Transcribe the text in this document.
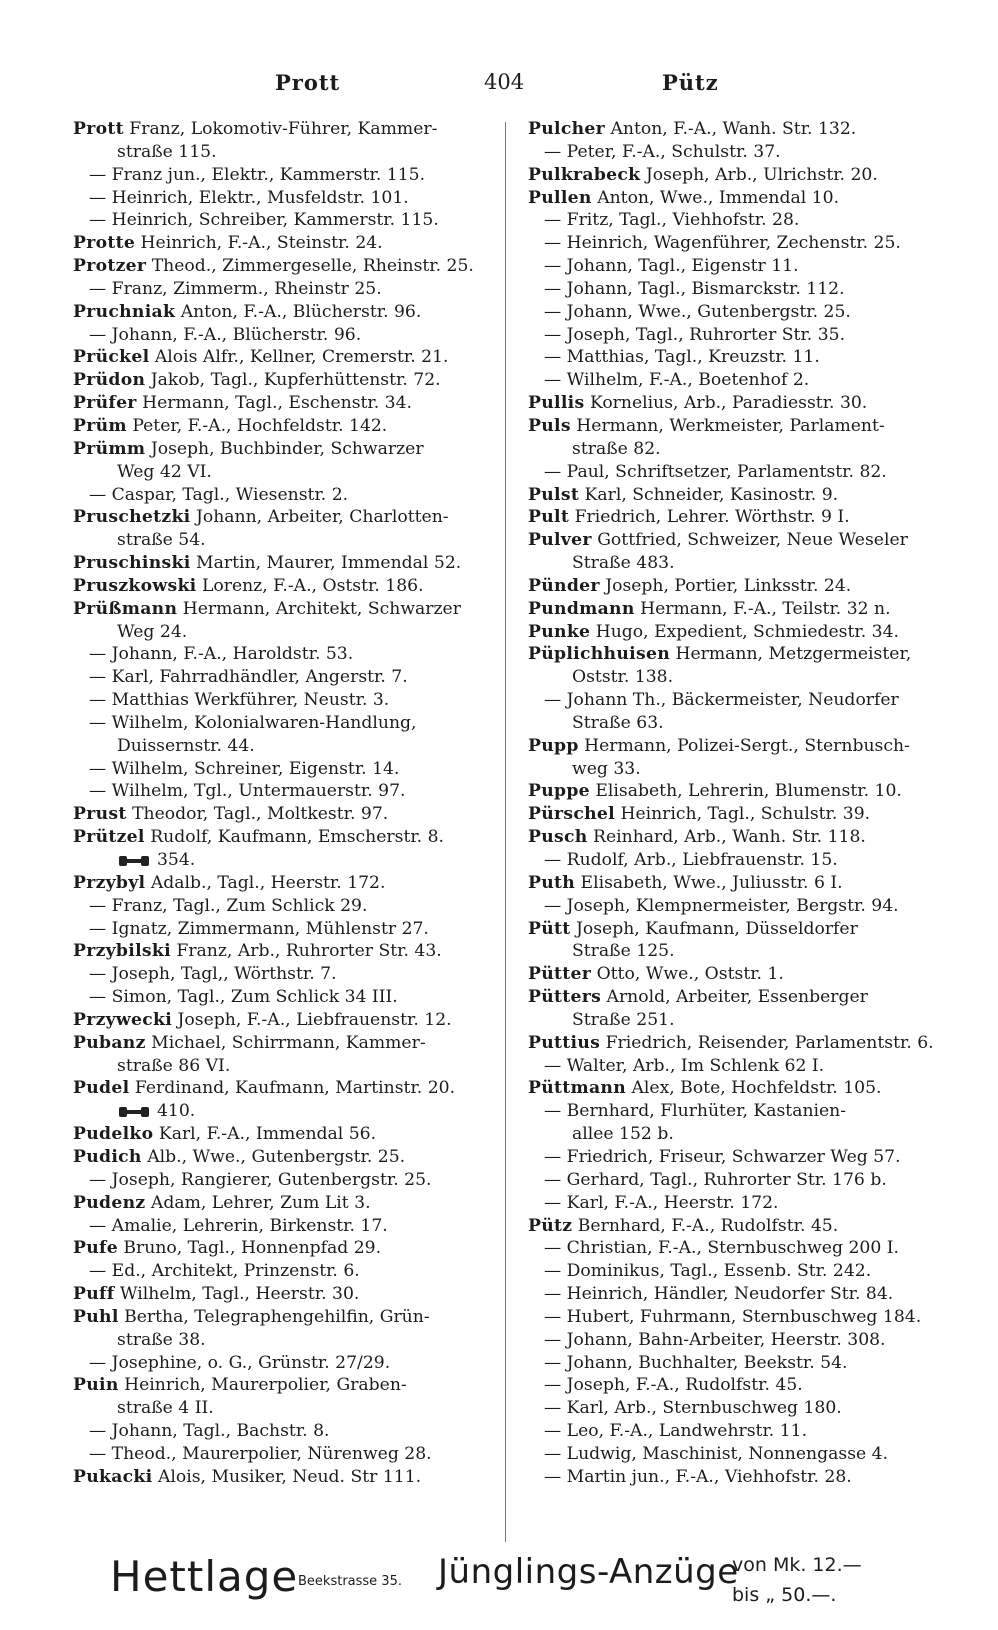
Prott	404	Pütz
Prott Franz, Lokomotiv-Führer, Kammer-
straße 115.
— Franz jun., Elektr., Kammerstr. 115.
— Heinrich, Elektr., Musfeldstr. 101.
— Heinrich, Schreiber, Kammerstr. 115.
Protte Heinrich, F.-A., Steinstr. 24.
Protzer Theod., Zimmergeselle, Rheinstr. 25.
— Franz, Zimmerm., Rheinstr 25.
Pruchniak Anton, F.-A., Blücherstr. 96.
— Johann, F.-A., Blücherstr. 96.
Prückel Alois Alfr., Kellner, Cremerstr. 21.
Prüdon Jakob, Tagl., Kupferhüttenstr. 72.
Prüfer Hermann, Tagl., Eschenstr. 34.
Prüm Peter, F.-A., Hochfeldstr. 142.
Prümm Joseph, Buchbinder, Schwarzer
Weg 42 VI.
— Caspar, Tagl., Wiesenstr. 2.
Pruschetzki Johann, Arbeiter, Charlotten-
straße 54.
Pruschinski Martin, Maurer, Immendal 52.
Pruszkowski Lorenz, F.-A., Oststr. 186.
Prüßmann Hermann, Architekt, Schwarzer
Weg 24.
— Johann, F.-A., Haroldstr. 53.
— Karl, Fahrradhändler, Angerstr. 7.
— Matthias Werkführer, Neustr. 3.
— Wilhelm, Kolonialwaren-Handlung,
Duissernstr. 44.
— Wilhelm, Schreiner, Eigenstr. 14.
— Wilhelm, Tgl., Untermauerstr. 97.
Prust Theodor, Tagl., Moltkestr. 97.
Prützel Rudolf, Kaufmann, Emscherstr. 8.
354.
Przybyl Adalb., Tagl., Heerstr. 172.
— Franz, Tagl., Zum Schlick 29.
— Ignatz, Zimmermann, Mühlenstr 27.
Przybilski Franz, Arb., Ruhrorter Str. 43.
— Joseph, Tagl,, Wörthstr. 7.
— Simon, Tagl., Zum Schlick 34 III.
Przywecki Joseph, F.-A., Liebfrauenstr. 12.
Pubanz Michael, Schirrmann, Kammer-
straße 86 VI.
Pudel Ferdinand, Kaufmann, Martinstr. 20.
410.
Pudelko Karl, F.-A., Immendal 56.
Pudich Alb., Wwe., Gutenbergstr. 25.
— Joseph, Rangierer, Gutenbergstr. 25.
Pudenz Adam, Lehrer, Zum Lit 3.
— Amalie, Lehrerin, Birkenstr. 17.
Pufe Bruno, Tagl., Honnenpfad 29.
— Ed., Architekt, Prinzenstr. 6.
Puff Wilhelm, Tagl., Heerstr. 30.
Puhl Bertha, Telegraphengehilfin, Grün-
straße 38.
— Josephine, o. G., Grünstr. 27/29.
Puin Heinrich, Maurerpolier, Graben-
straße 4 II.
— Johann, Tagl., Bachstr. 8.
— Theod., Maurerpolier, Nürenweg 28.
Pukacki Alois, Musiker, Neud. Str 111.
Pulcher Anton, F.-A., Wanh. Str. 132.
— Peter, F.-A., Schulstr. 37.
Pulkrabeck Joseph, Arb., Ulrichstr. 20.
Pullen Anton, Wwe., Immendal 10.
— Fritz, Tagl., Viehhofstr. 28.
— Heinrich, Wagenführer, Zechenstr. 25.
— Johann, Tagl., Eigenstr 11.
— Johann, Tagl., Bismarckstr. 112.
— Johann, Wwe., Gutenbergstr. 25.
— Joseph, Tagl., Ruhrorter Str. 35.
— Matthias, Tagl., Kreuzstr. 11.
— Wilhelm, F.-A., Boetenhof 2.
Pullis Kornelius, Arb., Paradiesstr. 30.
Puls Hermann, Werkmeister, Parlament-
straße 82.
— Paul, Schriftsetzer, Parlamentstr. 82.
Pulst Karl, Schneider, Kasinostr. 9.
Pult Friedrich, Lehrer. Wörthstr. 9 I.
Pulver Gottfried, Schweizer, Neue Weseler
Straße 483.
Pünder Joseph, Portier, Linksstr. 24.
Pundmann Hermann, F.-A., Teilstr. 32 n.
Punke Hugo, Expedient, Schmiedestr. 34.
Püplichhuisen Hermann, Metzgermeister,
Oststr. 138.
— Johann Th., Bäckermeister, Neudorfer
Straße 63.
Pupp Hermann, Polizei-Sergt., Sternbusch-
weg 33.
Puppe Elisabeth, Lehrerin, Blumenstr. 10.
Pürschel Heinrich, Tagl., Schulstr. 39.
Pusch Reinhard, Arb., Wanh. Str. 118.
— Rudolf, Arb., Liebfrauenstr. 15.
Puth Elisabeth, Wwe., Juliusstr. 6 I.
— Joseph, Klempnermeister, Bergstr. 94.
Pütt Joseph, Kaufmann, Düsseldorfer
Straße 125.
Pütter Otto, Wwe., Oststr. 1.
Pütters Arnold, Arbeiter, Essenberger
Straße 251.
Puttius Friedrich, Reisender, Parlamentstr. 6.
— Walter, Arb., Im Schlenk 62 I.
Püttmann Alex, Bote, Hochfeldstr. 105.
— Bernhard, Flurhüter, Kastanien-
allee 152 b.
— Friedrich, Friseur, Schwarzer Weg 57.
— Gerhard, Tagl., Ruhrorter Str. 176 b.
— Karl, F.-A., Heerstr. 172.
Pütz Bernhard, F.-A., Rudolfstr. 45.
— Christian, F.-A., Sternbuschweg 200 I.
— Dominikus, Tagl., Essenb. Str. 242.
— Heinrich, Händler, Neudorfer Str. 84.
— Hubert, Fuhrmann, Sternbuschweg 184.
— Johann, Bahn-Arbeiter, Heerstr. 308.
— Johann, Buchhalter, Beekstr. 54.
— Joseph, F.-A., Rudolfstr. 45.
— Karl, Arb., Sternbuschweg 180.
— Leo, F.-A., Landwehrstr. 11.
— Ludwig, Maschinist, Nonnengasse 4.
— Martin jun., F.-A., Viehhofstr. 28.
Hettlage Beekstrasse 35. Jünglings-Anzüge
von Mk. 12.—
bis „ 50.—.
